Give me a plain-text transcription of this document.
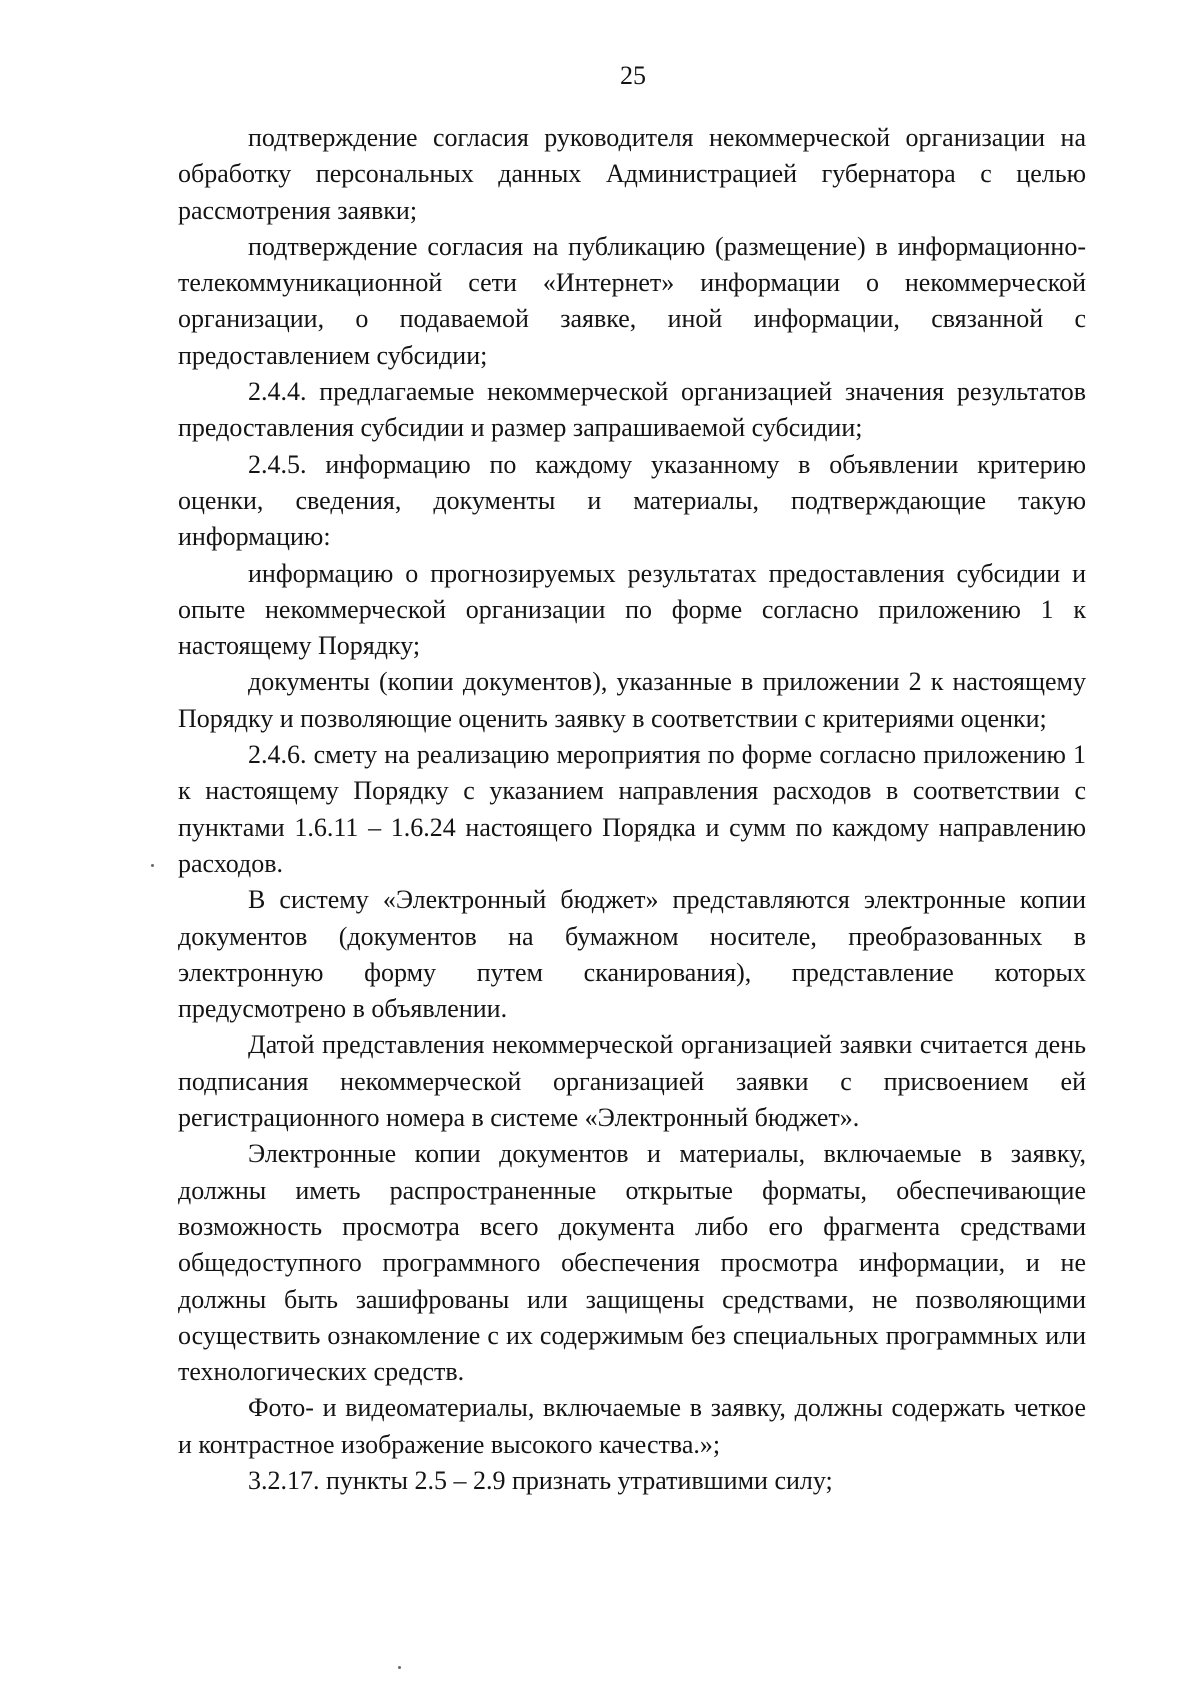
25

подтверждение согласия руководителя некоммерческой организации на обработку персональных данных Администрацией губернатора с целью рассмотрения заявки;

подтверждение согласия на публикацию (размещение) в информационно-телекоммуникационной сети «Интернет» информации о некоммерческой организации, о подаваемой заявке, иной информации, связанной с предоставлением субсидии;

2.4.4. предлагаемые некоммерческой организацией значения результатов предоставления субсидии и размер запрашиваемой субсидии;

2.4.5. информацию по каждому указанному в объявлении критерию оценки, сведения, документы и материалы, подтверждающие такую информацию:

информацию о прогнозируемых результатах предоставления субсидии и опыте некоммерческой организации по форме согласно приложению 1 к настоящему Порядку;

документы (копии документов), указанные в приложении 2 к настоящему Порядку и позволяющие оценить заявку в соответствии с критериями оценки;

2.4.6. смету на реализацию мероприятия по форме согласно приложению 1 к настоящему Порядку с указанием направления расходов в соответствии с пунктами 1.6.11 – 1.6.24 настоящего Порядка и сумм по каждому направлению расходов.

В систему «Электронный бюджет» представляются электронные копии документов (документов на бумажном носителе, преобразованных в электронную форму путем сканирования), представление которых предусмотрено в объявлении.

Датой представления некоммерческой организацией заявки считается день подписания некоммерческой организацией заявки с присвоением ей регистрационного номера в системе «Электронный бюджет».

Электронные копии документов и материалы, включаемые в заявку, должны иметь распространенные открытые форматы, обеспечивающие возможность просмотра всего документа либо его фрагмента средствами общедоступного программного обеспечения просмотра информации, и не должны быть зашифрованы или защищены средствами, не позволяющими осуществить ознакомление с их содержимым без специальных программных или технологических средств.

Фото- и видеоматериалы, включаемые в заявку, должны содержать четкое и контрастное изображение высокого качества.»;

3.2.17. пункты 2.5 – 2.9 признать утратившими силу;
